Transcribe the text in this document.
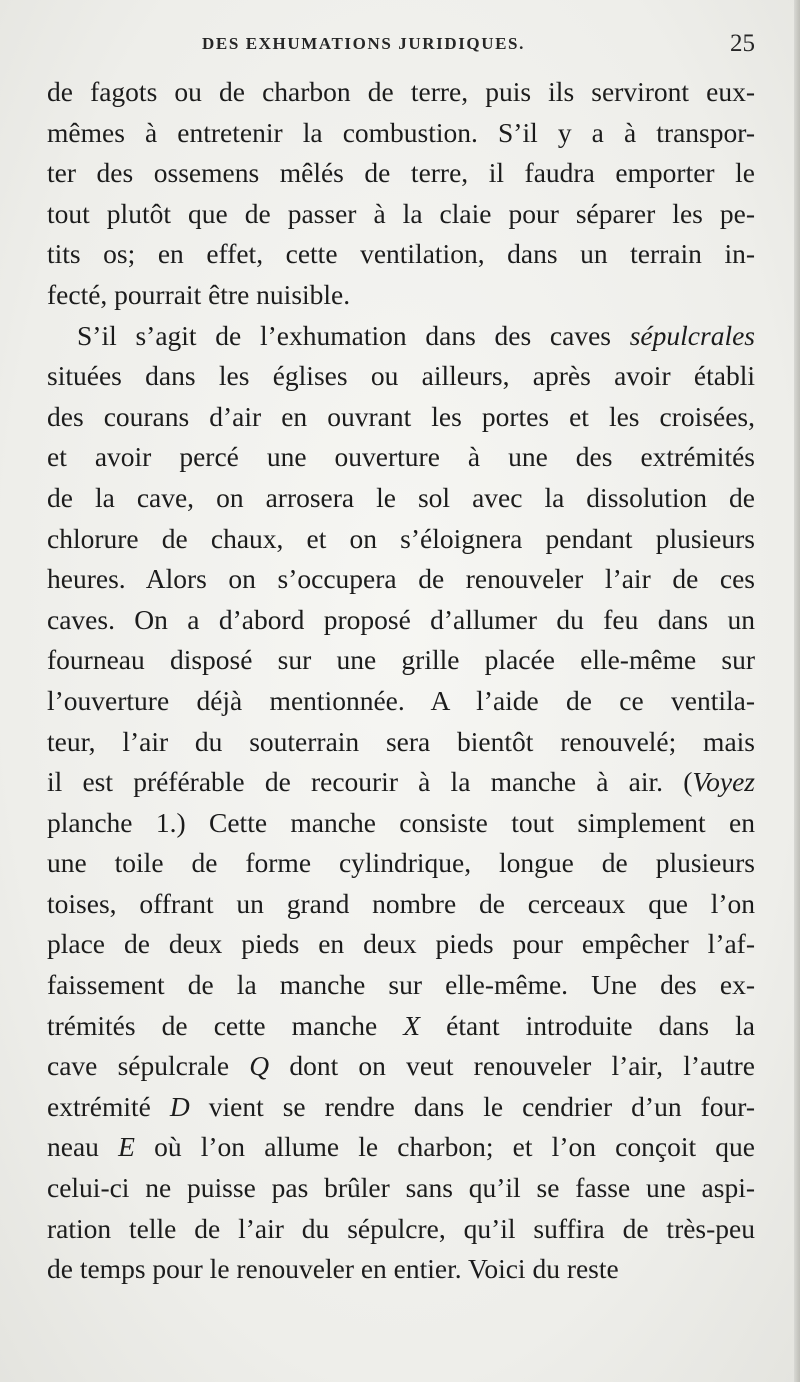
DES EXHUMATIONS JURIDIQUES.	25
de fagots ou de charbon de terre, puis ils serviront eux-
mêmes à entretenir la combustion. S’il y a à transpor-
ter des ossemens mêlés de terre, il faudra emporter le
tout plutôt que de passer à la claie pour séparer les pe-
tits os; en effet, cette ventilation, dans un terrain in-
fecté, pourrait être nuisible.
S’il s’agit de l’exhumation dans des caves sépulcrales
situées dans les églises ou ailleurs, après avoir établi
des courans d’air en ouvrant les portes et les croisées,
et avoir percé une ouverture à une des extrémités
de la cave, on arrosera le sol avec la dissolution de
chlorure de chaux, et on s’éloignera pendant plusieurs
heures. Alors on s’occupera de renouveler l’air de ces
caves. On a d’abord proposé d’allumer du feu dans un
fourneau disposé sur une grille placée elle-même sur
l’ouverture déjà mentionnée. A l’aide de ce ventila-
teur, l’air du souterrain sera bientôt renouvelé; mais
il est préférable de recourir à la manche à air. (Voyez
planche 1.) Cette manche consiste tout simplement en
une toile de forme cylindrique, longue de plusieurs
toises, offrant un grand nombre de cerceaux que l’on
place de deux pieds en deux pieds pour empêcher l’af-
faissement de la manche sur elle-même. Une des ex-
trémités de cette manche X étant introduite dans la
cave sépulcrale Q dont on veut renouveler l’air, l’autre
extrémité D vient se rendre dans le cendrier d’un four-
neau E où l’on allume le charbon; et l’on conçoit que
celui-ci ne puisse pas brûler sans qu’il se fasse une aspi-
ration telle de l’air du sépulcre, qu’il suffira de très-peu
de temps pour le renouveler en entier. Voici du reste
